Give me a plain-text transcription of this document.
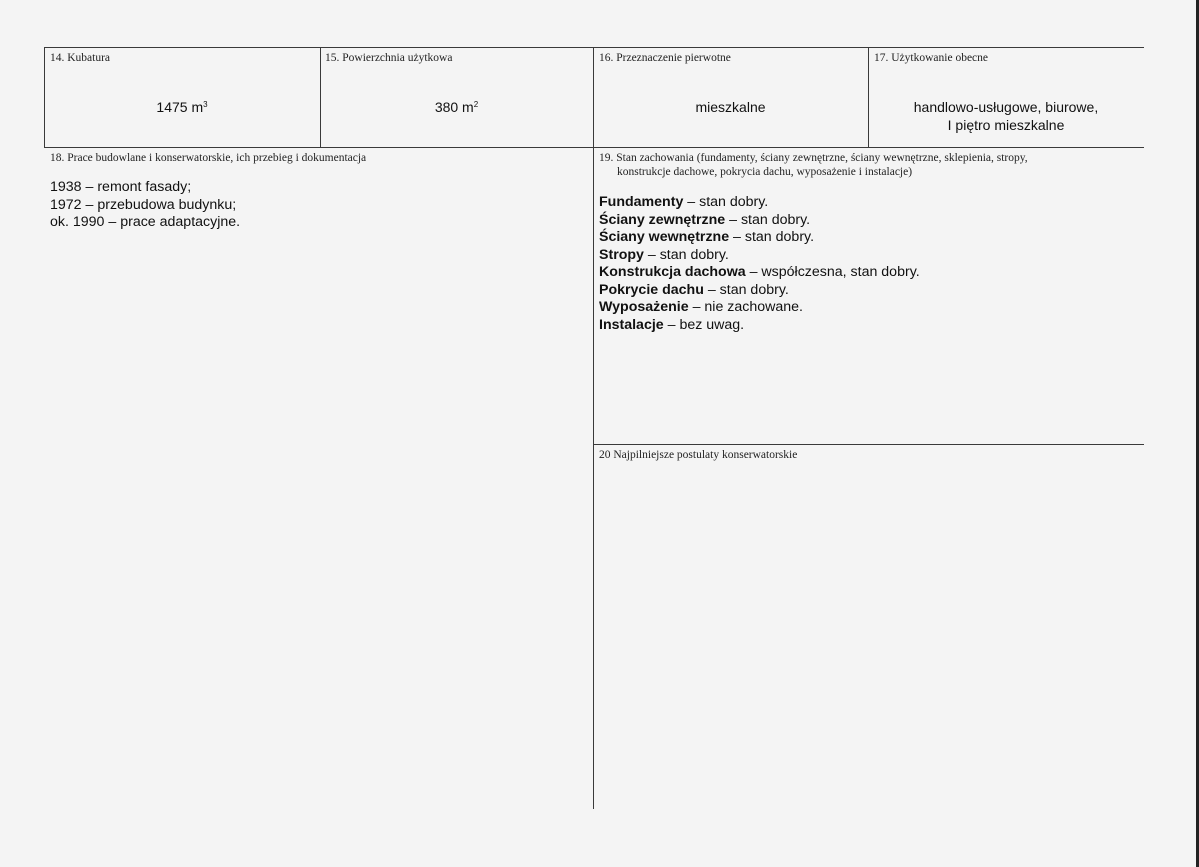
14. Kubatura
1475 $m^3$
15. Powierzchnia użytkowa
380 $m^2$
16. Przeznaczenie pierwotne
mieszkalne
17. Użytkowanie obecne
handlowo-usługowe, biurowe,
I piętro mieszkalne
18. Prace budowlane i konserwatorskie, ich przebieg i dokumentacja
1938 – remont fasady;
1972 – przebudowa budynku;
ok. 1990 – prace adaptacyjne.
19. Stan zachowania (fundamenty, ściany zewnętrzne, ściany wewnętrzne, sklepienia, stropy,
konstrukcje dachowe, pokrycia dachu, wyposażenie i instalacje)
Fundamenty – stan dobry.
Ściany zewnętrzne – stan dobry.
Ściany wewnętrzne – stan dobry.
Stropy – stan dobry.
Konstrukcja dachowa – współczesna, stan dobry.
Pokrycie dachu – stan dobry.
Wyposażenie – nie zachowane.
Instalacje – bez uwag.
20 Najpilniejsze postulaty konserwatorskie
